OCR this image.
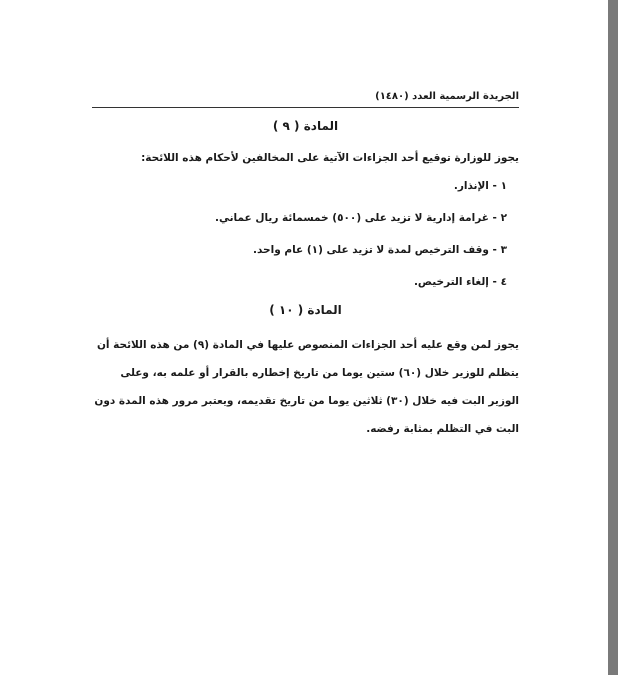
الجريدة الرسمية العدد (١٤٨٠)
المادة ( ٩ )

يجوز للوزارة توقيع أحد الجزاءات الآتية على المخالفين لأحكام هذه اللائحة:

١ - الإنذار.
٢ - غرامة إدارية لا تزيد على (٥٠٠) خمسمائة ريال عماني.
٣ - وقف الترخيص لمدة لا تزيد على (١) عام واحد.
٤ - إلغاء الترخيص.
المادة ( ١٠ )

يجوز لمن وقع عليه أحد الجزاءات المنصوص عليها في المادة (٩) من هذه اللائحة أن يتظلم للوزير خلال (٦٠) ستين يوما من تاريخ إخطاره بالقرار أو علمه به، وعلى الوزير البت فيه خلال (٣٠) ثلاثين يوما من تاريخ تقديمه، ويعتبر مرور هذه المدة دون البت في التظلم بمثابة رفضه.
